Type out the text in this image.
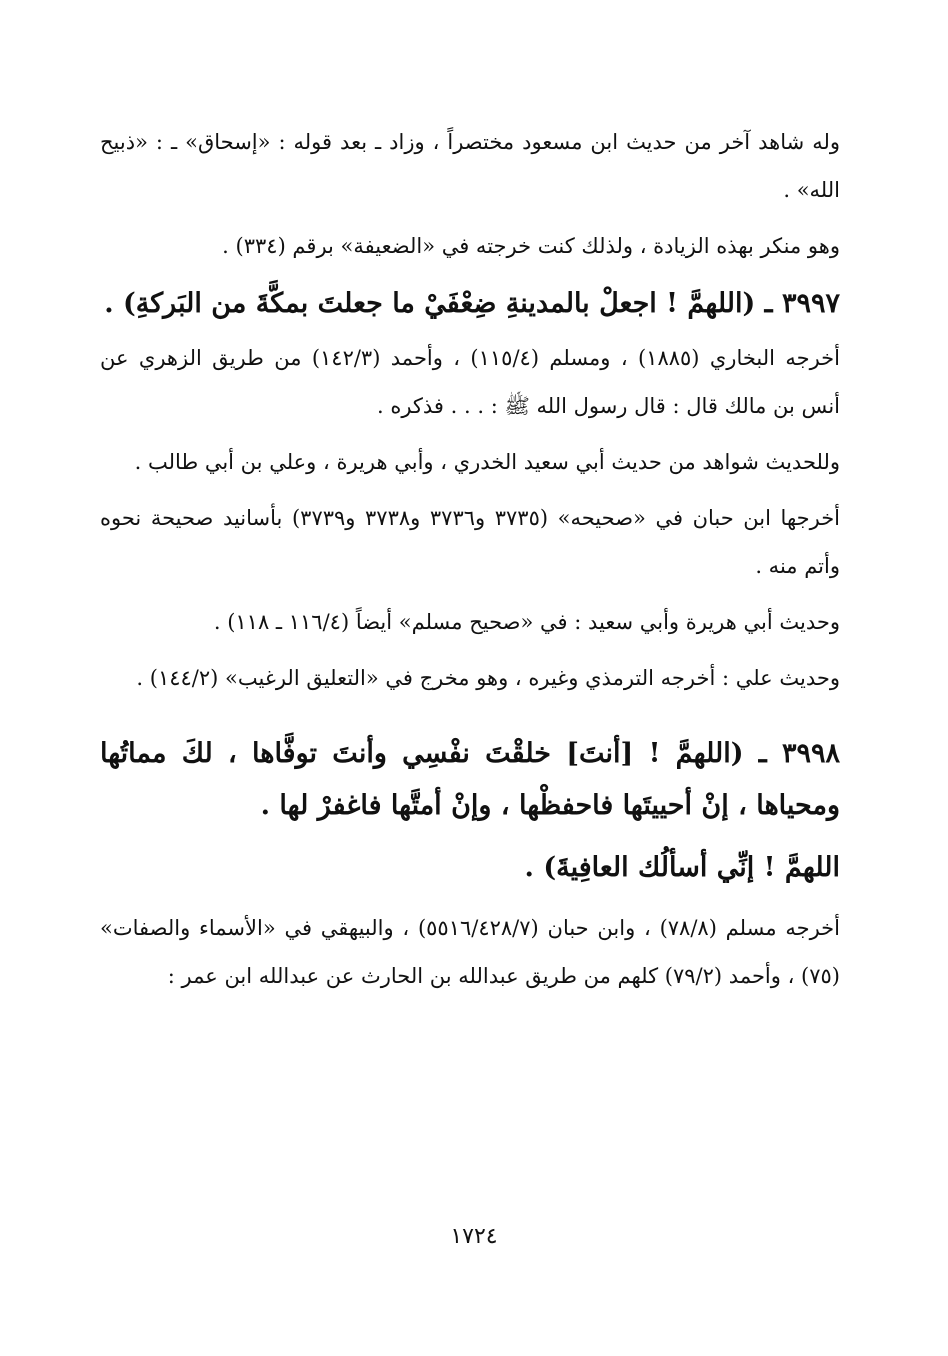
وله شاهد آخر من حديث ابن مسعود مختصراً ، وزاد ـ بعد قوله : «إسحاق» ـ : «ذبيح الله» .

وهو منكر بهذه الزيادة ، ولذلك كنت خرجته في «الضعيفة» برقم (٣٣٤) .

٣٩٩٧ ـ (اللهمَّ ! اجعلْ بالمدينةِ ضِعْفَيْ ما جعلتَ بمكَّةَ من البَركةِ) .

أخرجه البخاري (١٨٨٥) ، ومسلم (١١٥/٤) ، وأحمد (١٤٢/٣) من طريق الزهري عن أنس بن مالك قال : قال رسول الله ﷺ : . . . فذكره .

وللحديث شواهد من حديث أبي سعيد الخدري ، وأبي هريرة ، وعلي بن أبي طالب .

أخرجها ابن حبان في «صحيحه» (٣٧٣٥ و٣٧٣٦ و٣٧٣٨ و٣٧٣٩) بأسانيد صحيحة نحوه وأتم منه .

وحديث أبي هريرة وأبي سعيد : في «صحيح مسلم» أيضاً (١١٦/٤ ـ ١١٨) .

وحديث علي : أخرجه الترمذي وغيره ، وهو مخرج في «التعليق الرغيب» (١٤٤/٢) .

٣٩٩٨ ـ (اللهمَّ ! [أنتَ] خلقْتَ نفْسِي وأنتَ توفَّاها ، لكَ مماتُها ومحياها ، إنْ أحييتَها فاحفظْها ، وإنْ أمتَّها فاغفرْ لها .

اللهمَّ ! إنِّي أسألُك العافِيةَ) .

أخرجه مسلم (٧٨/٨) ، وابن حبان (٥٥١٦/٤٢٨/٧) ، والبيهقي في «الأسماء والصفات» (٧٥) ، وأحمد (٧٩/٢) كلهم من طريق عبدالله بن الحارث عن عبدالله ابن عمر :

١٧٢٤
